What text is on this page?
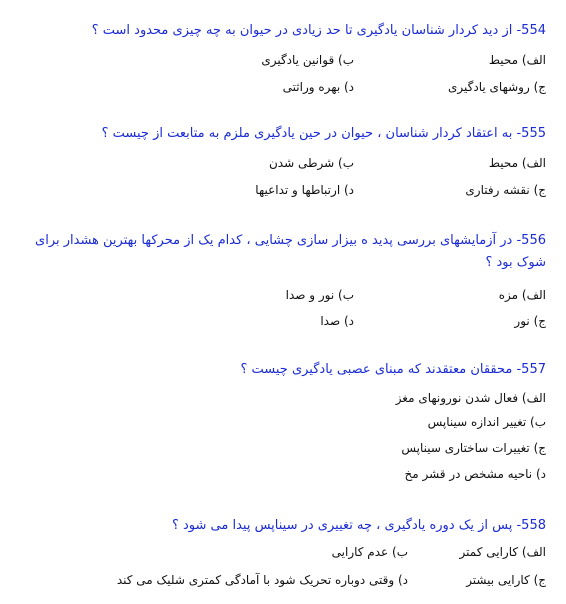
554- از دید کردار شناسان یادگیری تا حد زیادی در حیوان به چه چیزی محدود است ؟
الف) محیط
ب) قوانین یادگیری
ج) روشهای یادگیری
د) بهره وراثتی
555- به اعتقاد کردار شناسان ، حیوان در حین یادگیری ملزم به متابعت از چیست ؟
الف) محیط
ب) شرطی شدن
ج) نقشه رفتاری
د) ارتباطها و تداعیها
556- در آزمایشهای بررسی پدید ه بیزار سازی چشایی ، کدام یک از محرکها بهترین هشدار برای شوک بود ؟
الف) مزه
ب) نور و صدا
ج) نور
د) صدا
557- محققان معتقدند که مبنای عصبی یادگیری چیست ؟
الف) فعال شدن نورونهای مغز
ب) تغییر اندازه سیناپس
ج) تغییرات ساختاری سیناپس
د) ناحیه مشخص در قشر مخ
558- پس از یک دوره یادگیری ، چه تغییری در سیناپس پیدا می شود ؟
الف) کارایی کمتر
ب) عدم کارایی
ج) کارایی بیشتر
د) وقتی دوباره تحریک شود با آمادگی کمتری شلیک می کند
